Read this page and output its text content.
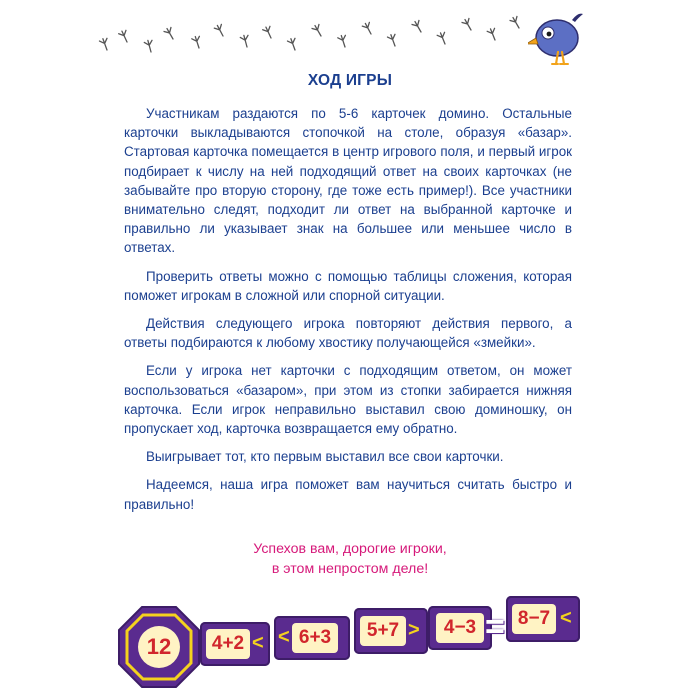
ХОД ИГРЫ

Участникам раздаются по 5-6 карточек домино. Остальные карточки выкладываются стопочкой на столе, образуя «базар». Стартовая карточка помещается в центр игрового поля, и первый игрок подбирает к числу на ней подходящий ответ на своих карточках (не забывайте про вторую сторону, где тоже есть пример!). Все участники внимательно следят, подходит ли ответ на выбранной карточке и правильно ли указывает знак на большее или меньшее число в ответах.

Проверить ответы можно с помощью таблицы сложения, которая поможет игрокам в сложной или спорной ситуации.

Действия следующего игрока повторяют действия первого, а ответы подбираются к любому хвостику получающейся «змейки».

Если у игрока нет карточки с подходящим ответом, он может воспользоваться «базаром», при этом из стопки забирается нижняя карточка. Если игрок неправильно выставил свою доминошку, он пропускает ход, карточка возвращается ему обратно.

Выигрывает тот, кто первым выставил все свои карточки.

Надеемся, наша игра поможет вам научиться считать быстро и правильно!

Успехов вам, дорогие игроки,
в этом непростом деле!
12	4+2 < < 6+3	5+7 >	4−3 = 8−7 <
